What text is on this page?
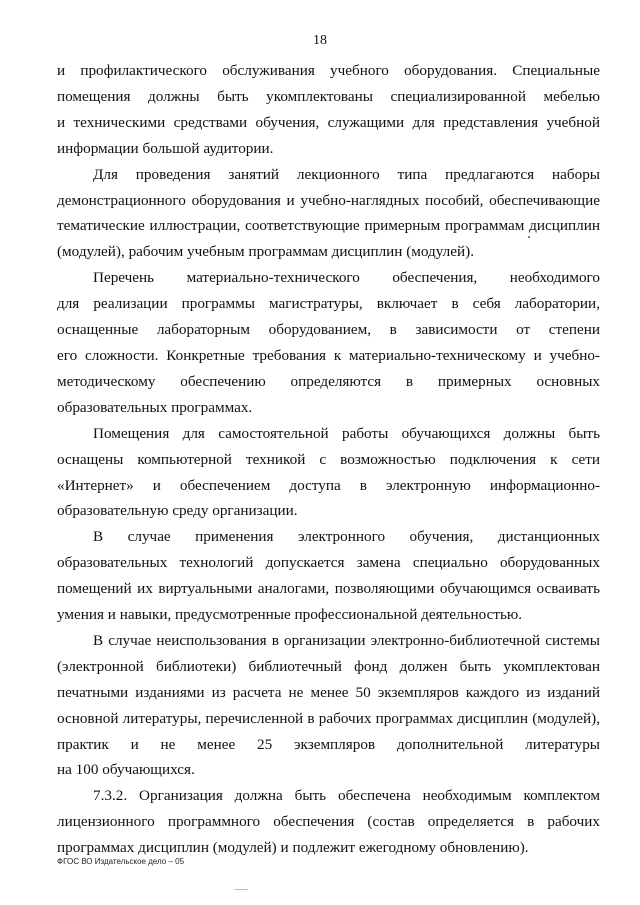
18
и профилактического обслуживания учебного оборудования. Специальные
помещения должны быть укомплектованы специализированной мебелью
и техническими средствами обучения, служащими для представления учебной
информации большой аудитории.
Для проведения занятий лекционного типа предлагаются наборы
демонстрационного оборудования и учебно-наглядных пособий, обеспечивающие
тематические иллюстрации, соответствующие примерным программам дисциплин
(модулей), рабочим учебным программам дисциплин (модулей).
Перечень материально-технического обеспечения, необходимого
для реализации программы магистратуры, включает в себя лаборатории,
оснащенные лабораторным оборудованием, в зависимости от степени
его сложности. Конкретные требования к материально-техническому и учебно-
методическому обеспечению определяются в примерных основных
образовательных программах.
Помещения для самостоятельной работы обучающихся должны быть
оснащены компьютерной техникой с возможностью подключения к сети
«Интернет» и обеспечением доступа в электронную информационно-
образовательную среду организации.
В случае применения электронного обучения, дистанционных
образовательных технологий допускается замена специально оборудованных
помещений их виртуальными аналогами, позволяющими обучающимся осваивать
умения и навыки, предусмотренные профессиональной деятельностью.
В случае неиспользования в организации электронно-библиотечной системы
(электронной библиотеки) библиотечный фонд должен быть укомплектован
печатными изданиями из расчета не менее 50 экземпляров каждого из изданий
основной литературы, перечисленной в рабочих программах дисциплин (модулей),
практик и не менее 25 экземпляров дополнительной литературы
на 100 обучающихся.
7.3.2. Организация должна быть обеспечена необходимым комплектом
лицензионного программного обеспечения (состав определяется в рабочих
программах дисциплин (модулей) и подлежит ежегодному обновлению).
ФГОС ВО Издательское дело – 05
